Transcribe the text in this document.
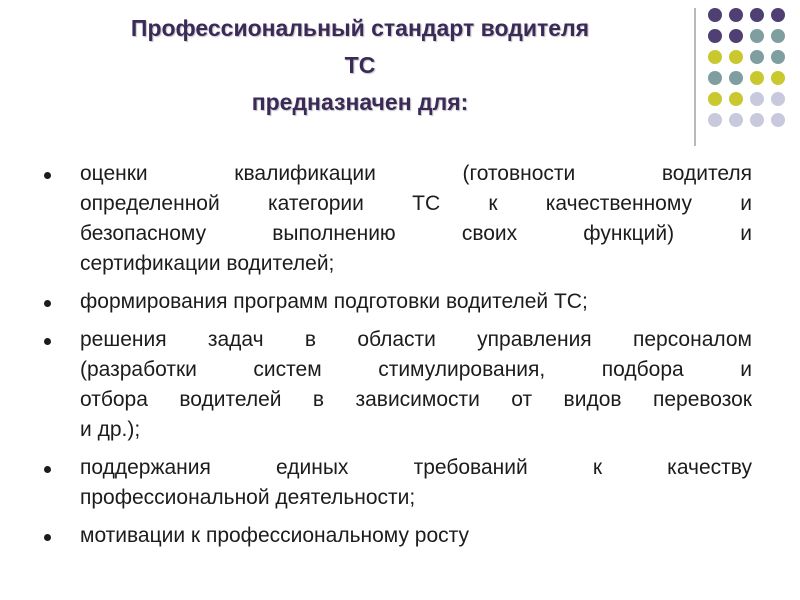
Профессиональный стандарт водителя
ТС
предназначен для:
оценки квалификации (готовности водителя
определенной категории ТС к качественному и
безопасному выполнению своих функций) и
сертификации водителей;
формирования программ подготовки водителей ТС;
решения задач в области управления персоналом
(разработки систем стимулирования, подбора и
отбора водителей в зависимости от видов перевозок
и др.);
поддержания единых требований к качеству
профессиональной деятельности;
мотивации к профессиональному росту
